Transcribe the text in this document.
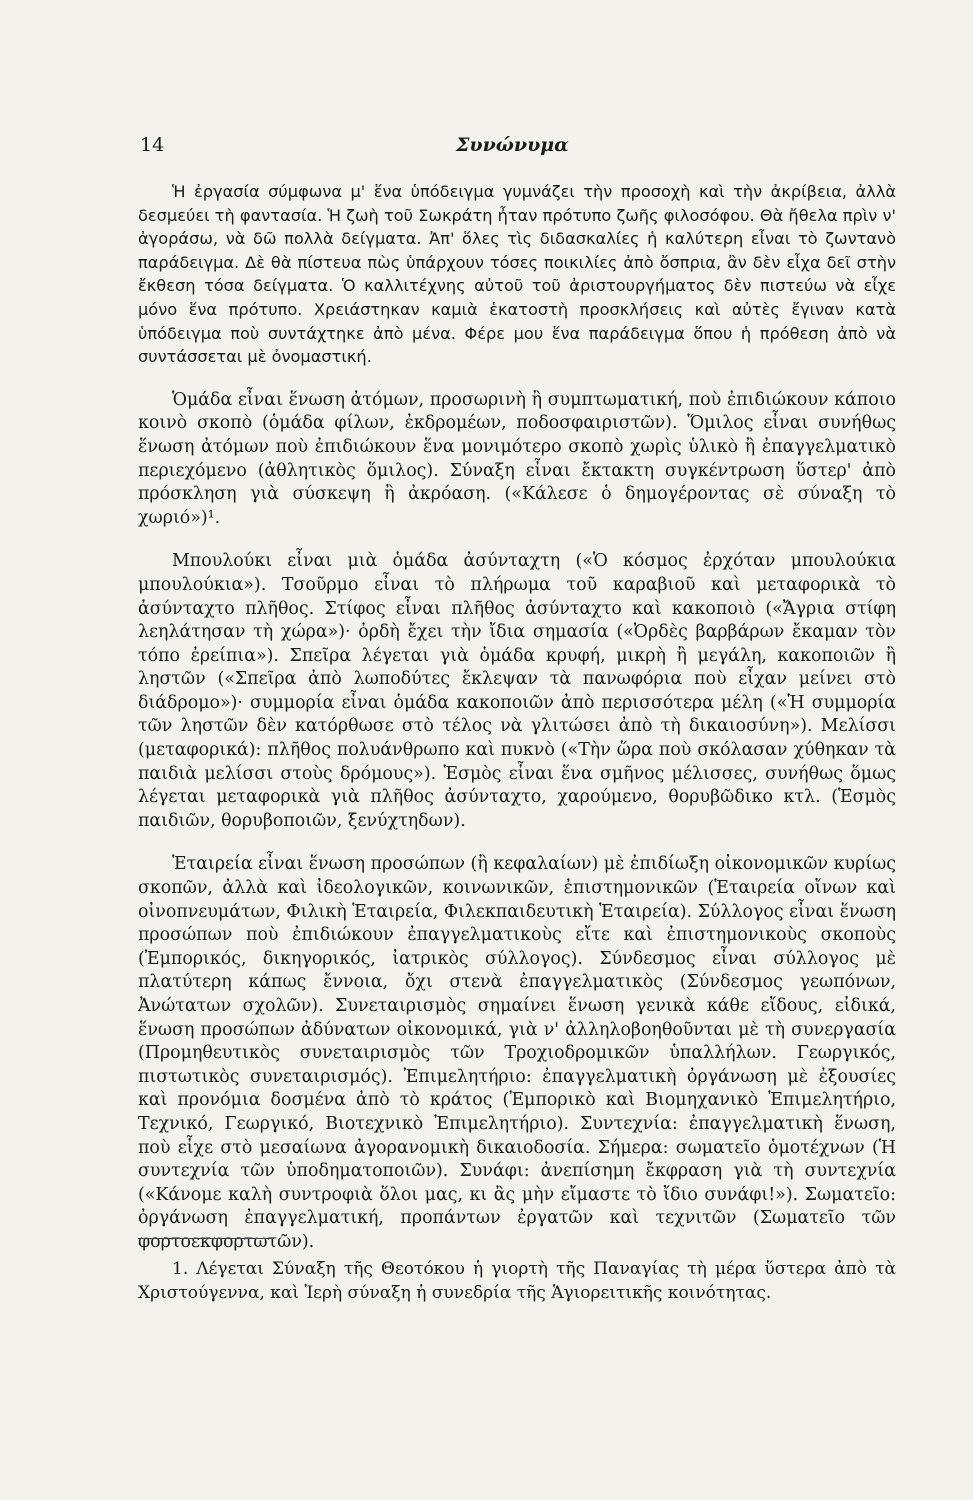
14	Συνώνυμα

Ἡ ἐργασία σύμφωνα μ' ἕνα ὑπόδειγμα γυμνάζει τὴν προσοχὴ καὶ τὴν ἀκρίβεια, ἀλλὰ δεσμεύει τὴ φαντασία. Ἡ ζωὴ τοῦ Σωκράτη ἦταν πρότυπο ζωῆς φιλοσόφου. Θὰ ἤθελα πρὶν ν' ἀγοράσω, νὰ δῶ πολλὰ δείγματα. Ἀπ' ὅλες τὶς διδασκαλίες ἡ καλύτερη εἶναι τὸ ζωντανὸ παράδειγμα. Δὲ θὰ πίστευα πὼς ὑπάρχουν τόσες ποικιλίες ἀπὸ ὄσπρια, ἂν δὲν εἶχα δεῖ στὴν ἔκθεση τόσα δείγματα. Ὁ καλλιτέχνης αὐτοῦ τοῦ ἀριστουργήματος δὲν πιστεύω νὰ εἶχε μόνο ἕνα πρότυπο. Χρειάστηκαν καμιὰ ἑκατοστὴ προσκλήσεις καὶ αὐτὲς ἔγιναν κατὰ ὑπόδειγμα ποὺ συντάχτηκε ἀπὸ μένα. Φέρε μου ἕνα παράδειγμα ὅπου ἡ πρόθεση ἀπὸ νὰ συντάσσεται μὲ ὀνομαστική.

Ὁμάδα εἶναι ἕνωση ἀτόμων, προσωρινὴ ἢ συμπτωματική, ποὺ ἐπιδιώκουν κάποιο κοινὸ σκοπὸ (ὁμάδα φίλων, ἐκδρομέων, ποδοσφαιριστῶν). Ὅμιλος εἶναι συνήθως ἕνωση ἀτόμων ποὺ ἐπιδιώκουν ἕνα μονιμότερο σκοπὸ χωρὶς ὑλικὸ ἢ ἐπαγγελματικὸ περιεχόμενο (ἀθλητικὸς ὅμιλος). Σύναξη εἶναι ἔκτακτη συγκέντρωση ὕστερ' ἀπὸ πρόσκληση γιὰ σύσκεψη ἢ ἀκρόαση. («Κάλεσε ὁ δημογέροντας σὲ σύναξη τὸ χωριό»)¹.

Μπουλούκι εἶναι μιὰ ὁμάδα ἀσύνταχτη («Ὁ κόσμος ἐρχόταν μπουλούκια μπουλούκια»). Τσοῦρμο εἶναι τὸ πλήρωμα τοῦ καραβιοῦ καὶ μεταφορικὰ τὸ ἀσύνταχτο πλῆθος. Στίφος εἶναι πλῆθος ἀσύνταχτο καὶ κακοποιὸ («Ἄγρια στίφη λεηλάτησαν τὴ χώρα»)· ὀρδὴ ἔχει τὴν ἴδια σημασία («Ὀρδὲς βαρβάρων ἔκαμαν τὸν τόπο ἐρείπια»). Σπεῖρα λέγεται γιὰ ὁμάδα κρυφή, μικρὴ ἢ μεγάλη, κακοποιῶν ἢ ληστῶν («Σπεῖρα ἀπὸ λωποδύτες ἔκλεψαν τὰ πανωφόρια ποὺ εἶχαν μείνει στὸ διάδρομο»)· συμμορία εἶναι ὁμάδα κακοποιῶν ἀπὸ περισσότερα μέλη («Ἡ συμμορία τῶν ληστῶν δὲν κατόρθωσε στὸ τέλος νὰ γλιτώσει ἀπὸ τὴ δικαιοσύνη»). Μελίσσι (μεταφορικά): πλῆθος πολυάνθρωπο καὶ πυκνὸ («Τὴν ὥρα ποὺ σκόλασαν χύθηκαν τὰ παιδιὰ μελίσσι στοὺς δρόμους»). Ἑσμὸς εἶναι ἕνα σμῆνος μέλισσες, συνήθως ὅμως λέγεται μεταφορικὰ γιὰ πλῆθος ἀσύνταχτο, χαρούμενο, θορυβῶδικο κτλ. (Ἑσμὸς παιδιῶν, θορυβοποιῶν, ξενύχτηδων).

Ἑταιρεία εἶναι ἕνωση προσώπων (ἢ κεφαλαίων) μὲ ἐπιδίωξη οἰκονομικῶν κυρίως σκοπῶν, ἀλλὰ καὶ ἰδεολογικῶν, κοινωνικῶν, ἐπιστημονικῶν (Ἑταιρεία οἴνων καὶ οἰνοπνευμάτων, Φιλικὴ Ἑταιρεία, Φιλεκπαιδευτικὴ Ἑταιρεία). Σύλλογος εἶναι ἕνωση προσώπων ποὺ ἐπιδιώκουν ἐπαγγελματικοὺς εἴτε καὶ ἐπιστημονικοὺς σκοποὺς (Ἐμπορικός, δικηγορικός, ἰατρικὸς σύλλογος). Σύνδεσμος εἶναι σύλλογος μὲ πλατύτερη κάπως ἔννοια, ὄχι στενὰ ἐπαγγελματικὸς (Σύνδεσμος γεωπόνων, Ἀνώτατων σχολῶν). Συνεταιρισμὸς σημαίνει ἕνωση γενικὰ κάθε εἴδους, εἰδικά, ἕνωση προσώπων ἀδύνατων οἰκονομικά, γιὰ ν' ἀλληλοβοηθοῦνται μὲ τὴ συνεργασία (Προμηθευτικὸς συνεταιρισμὸς τῶν Τροχιοδρομικῶν ὑπαλλήλων. Γεωργικός, πιστωτικὸς συνεταιρισμός). Ἐπιμελητήριο: ἐπαγγελματικὴ ὀργάνωση μὲ ἐξουσίες καὶ προνόμια δοσμένα ἀπὸ τὸ κράτος (Ἐμπορικὸ καὶ Βιομηχανικὸ Ἐπιμελητήριο, Τεχνικό, Γεωργικό, Βιοτεχνικὸ Ἐπιμελητήριο). Συντεχνία: ἐπαγγελματικὴ ἕνωση, ποὺ εἶχε στὸ μεσαίωνα ἀγορανομικὴ δικαιοδοσία. Σήμερα: σωματεῖο ὁμοτέχνων (Ἡ συντεχνία τῶν ὑποδηματοποιῶν). Συνάφι: ἀνεπίσημη ἔκφραση γιὰ τὴ συντεχνία («Κάνομε καλὴ συντροφιὰ ὅλοι μας, κι ἂς μὴν εἴμαστε τὸ ἴδιο συνάφι!»). Σωματεῖο: ὀργάνωση ἐπαγγελματική, προπάντων ἐργατῶν καὶ τεχνιτῶν (Σωματεῖο τῶν φορτοεκφορτωτῶν).

1. Λέγεται Σύναξη τῆς Θεοτόκου ἡ γιορτὴ τῆς Παναγίας τὴ μέρα ὕστερα ἀπὸ τὰ Χριστούγεννα, καὶ Ἱερὴ σύναξη ἡ συνεδρία τῆς Ἁγιορειτικῆς κοινότητας.
